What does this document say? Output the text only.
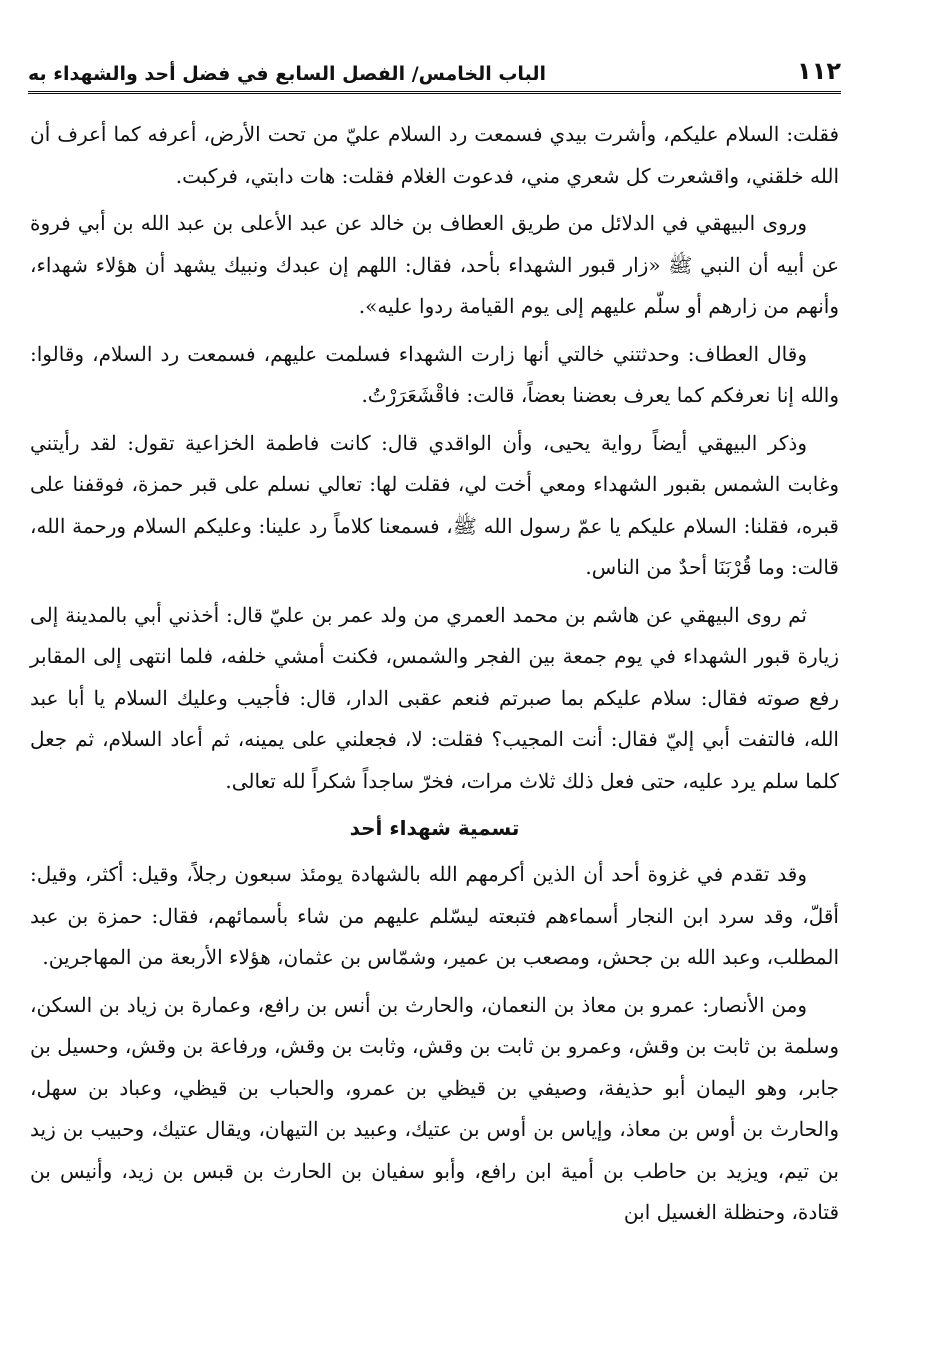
١١٢
الباب الخامس/ الفصل السابع في فضل أحد والشهداء به

فقلت: السلام عليكم، وأشرت بيدي فسمعت رد السلام عليّ من تحت الأرض، أعرفه كما أعرف أن الله خلقني، واقشعرت كل شعري مني، فدعوت الغلام فقلت: هات دابتي، فركبت.

وروى البيهقي في الدلائل من طريق العطاف بن خالد عن عبد الأعلى بن عبد الله بن أبي فروة عن أبيه أن النبي ﷺ «زار قبور الشهداء بأحد، فقال: اللهم إن عبدك ونبيك يشهد أن هؤلاء شهداء، وأنهم من زارهم أو سلّم عليهم إلى يوم القيامة ردوا عليه».

وقال العطاف: وحدثتني خالتي أنها زارت الشهداء فسلمت عليهم، فسمعت رد السلام، وقالوا: والله إنا نعرفكم كما يعرف بعضنا بعضاً، قالت: فاقْشَعَرَرْتُ.

وذكر البيهقي أيضاً رواية يحيى، وأن الواقدي قال: كانت فاطمة الخزاعية تقول: لقد رأيتني وغابت الشمس بقبور الشهداء ومعي أخت لي، فقلت لها: تعالي نسلم على قبر حمزة، فوقفنا على قبره، فقلنا: السلام عليكم يا عمّ رسول الله ﷺ، فسمعنا كلاماً رد علينا: وعليكم السلام ورحمة الله، قالت: وما قُرْبَنَا أحدٌ من الناس.

ثم روى البيهقي عن هاشم بن محمد العمري من ولد عمر بن عليّ قال: أخذني أبي بالمدينة إلى زيارة قبور الشهداء في يوم جمعة بين الفجر والشمس، فكنت أمشي خلفه، فلما انتهى إلى المقابر رفع صوته فقال: سلام عليكم بما صبرتم فنعم عقبى الدار، قال: فأجيب وعليك السلام يا أبا عبد الله، فالتفت أبي إليّ فقال: أنت المجيب؟ فقلت: لا، فجعلني على يمينه، ثم أعاد السلام، ثم جعل كلما سلم يرد عليه، حتى فعل ذلك ثلاث مرات، فخرّ ساجداً شكراً لله تعالى.

تسمية شهداء أحد

وقد تقدم في غزوة أحد أن الذين أكرمهم الله بالشهادة يومئذ سبعون رجلاً، وقيل: أكثر، وقيل: أقلّ، وقد سرد ابن النجار أسماءهم فتبعته ليسّلم عليهم من شاء بأسمائهم، فقال: حمزة بن عبد المطلب، وعبد الله بن جحش، ومصعب بن عمير، وشمّاس بن عثمان، هؤلاء الأربعة من المهاجرين.

ومن الأنصار: عمرو بن معاذ بن النعمان، والحارث بن أنس بن رافع، وعمارة بن زياد بن السكن، وسلمة بن ثابت بن وقش، وعمرو بن ثابت بن وقش، وثابت بن وقش، ورفاعة بن وقش، وحسيل بن جابر، وهو اليمان أبو حذيفة، وصيفي بن قيظي بن عمرو، والحباب بن قيظي، وعباد بن سهل، والحارث بن أوس بن معاذ، وإياس بن أوس بن عتيك، وعبيد بن التيهان، ويقال عتيك، وحبيب بن زيد بن تيم، ويزيد بن حاطب بن أمية ابن رافع، وأبو سفيان بن الحارث بن قبس بن زيد، وأنيس بن قتادة، وحنظلة الغسيل ابن
